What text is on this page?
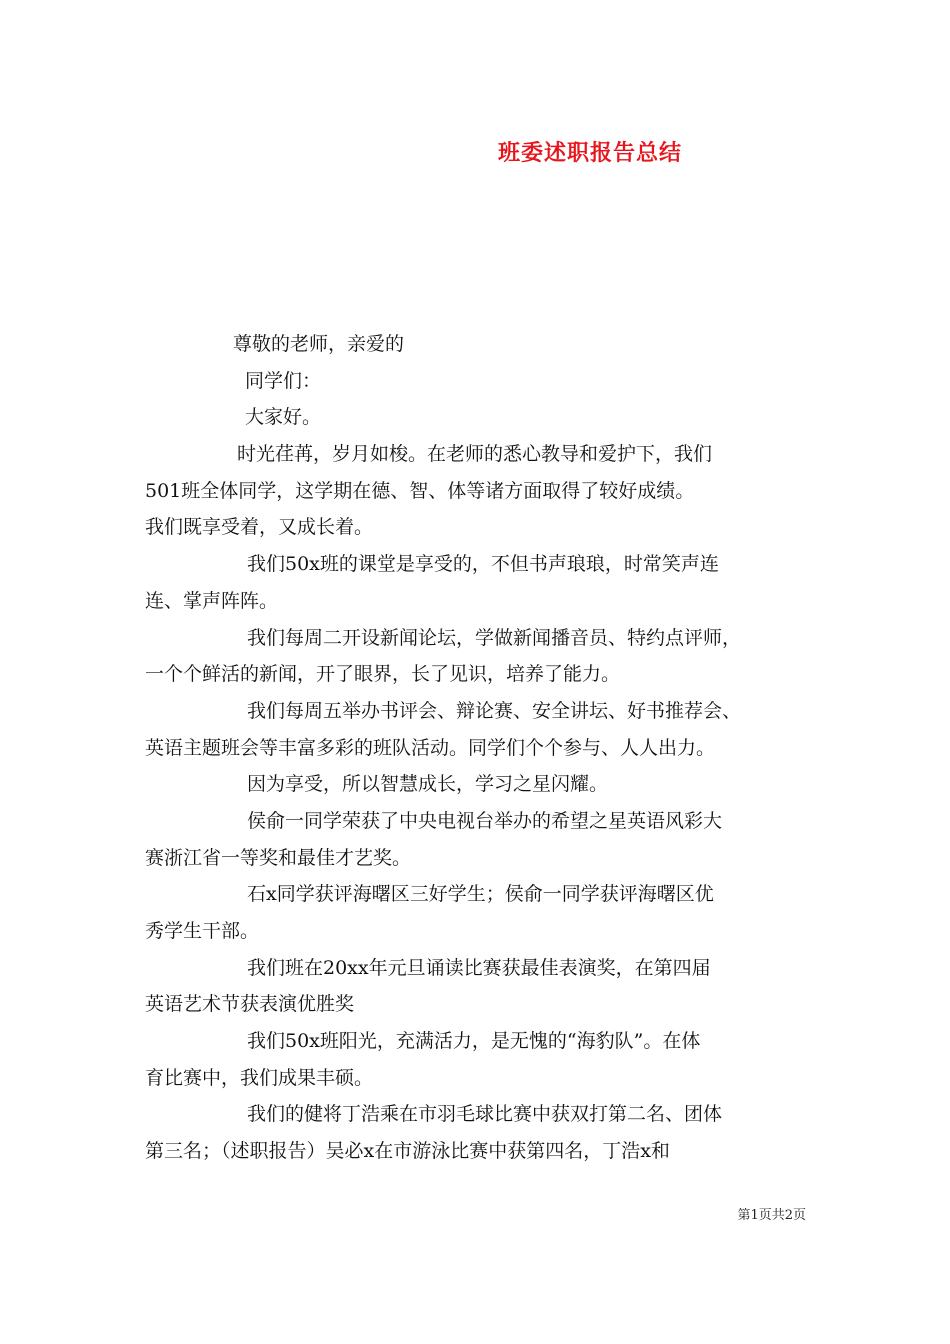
班委述职报告总结
尊敬的老师，亲爱的
同学们：
大家好。
时光荏苒，岁月如梭。在老师的悉心教导和爱护下，我们
501班全体同学，这学期在德、智、体等诸方面取得了较好成绩。
我们既享受着，又成长着。
我们50x班的课堂是享受的，不但书声琅琅，时常笑声连
连、掌声阵阵。
我们每周二开设新闻论坛，学做新闻播音员、特约点评师，
一个个鲜活的新闻，开了眼界，长了见识，培养了能力。
我们每周五举办书评会、辩论赛、安全讲坛、好书推荐会、
英语主题班会等丰富多彩的班队活动。同学们个个参与、人人出力。
因为享受，所以智慧成长，学习之星闪耀。
侯俞一同学荣获了中央电视台举办的希望之星英语风彩大
赛浙江省一等奖和最佳才艺奖。
石x同学获评海曙区三好学生；侯俞一同学获评海曙区优
秀学生干部。
我们班在20xx年元旦诵读比赛获最佳表演奖，在第四届
英语艺术节获表演优胜奖
我们50x班阳光，充满活力，是无愧的“海豹队”。在体
育比赛中，我们成果丰硕。
我们的健将丁浩乘在市羽毛球比赛中获双打第二名、团体
第三名；（述职报告）吴必x在市游泳比赛中获第四名，丁浩x和
第1页共2页
